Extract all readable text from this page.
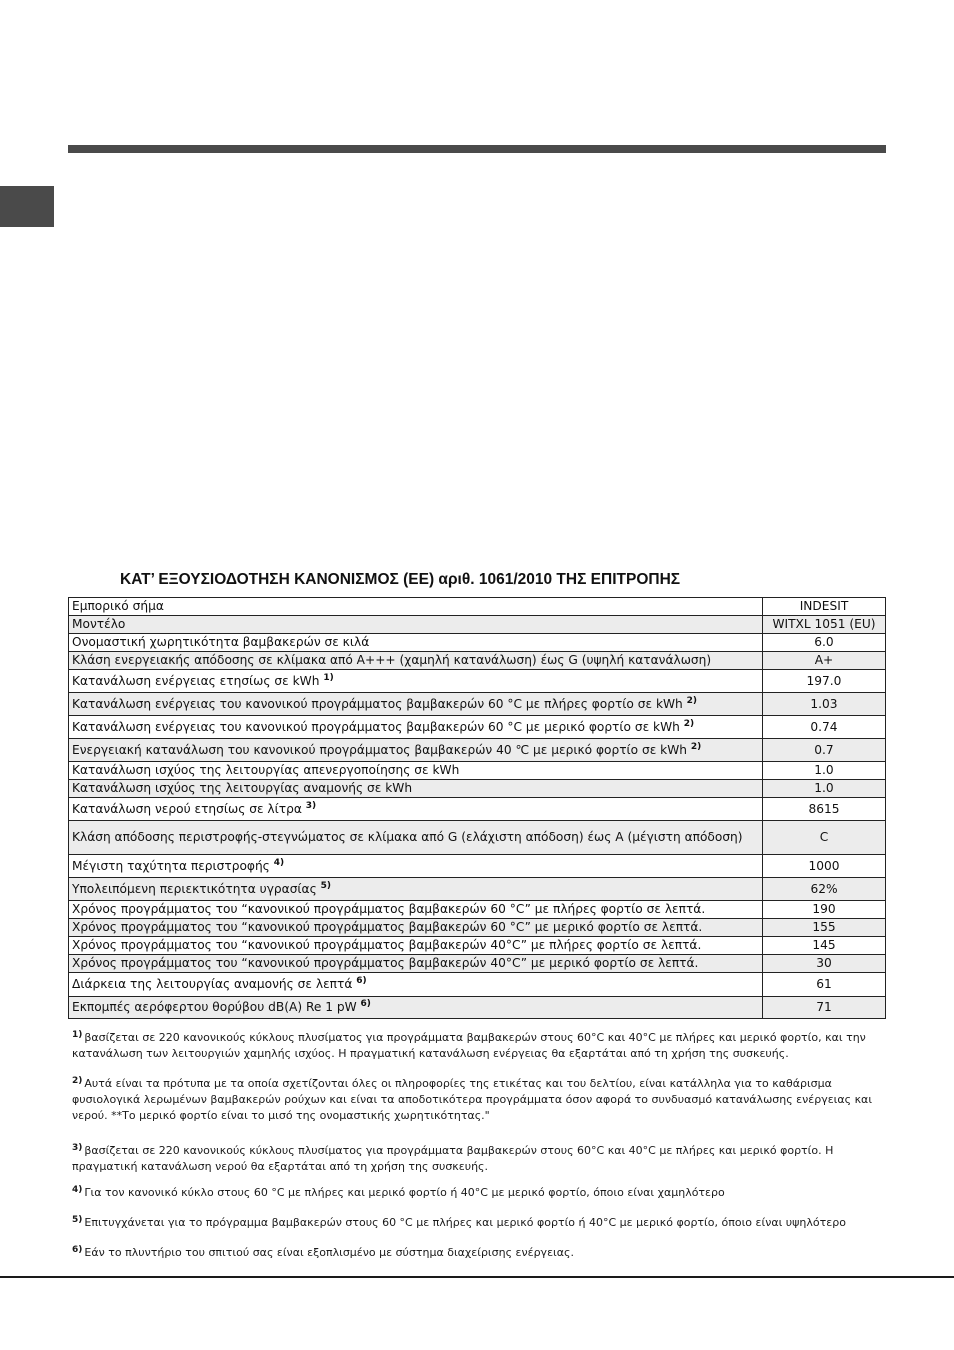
ΚΑΤ’ ΕΞΟΥΣΙΟΔΟΤΗΣΗ ΚΑΝΟΝΙΣΜΟΣ (ΕΕ) αριθ. 1061/2010 ΤΗΣ ΕΠΙΤΡΟΠΗΣ
Εμπορικό σήμα	INDESIT
Μοντέλο	WITXL 1051 (EU)
Ονομαστική χωρητικότητα βαμβακερών σε κιλά	6.0
Κλάση ενεργειακής απόδοσης σε κλίμακα από A+++ (χαμηλή κατανάλωση) έως G (υψηλή κατανάλωση)	A+
Κατανάλωση ενέργειας ετησίως σε kWh $^{1)}$	197.0
Κατανάλωση ενέργειας του κανονικού προγράμματος βαμβακερών 60 °C με πλήρες φορτίο σε kWh $^{2)}$	1.03
Κατανάλωση ενέργειας του κανονικού προγράμματος βαμβακερών 60 °C με μερικό φορτίο σε kWh $^{2)}$	0.74
Ενεργειακή κατανάλωση του κανονικού προγράμματος βαμβακερών 40 ℃ με μερικό φορτίο σε kWh $^{2)}$	0.7
Κατανάλωση ισχύος της λειτουργίας απενεργοποίησης σε kWh	1.0
Κατανάλωση ισχύος της λειτουργίας αναμονής σε kWh	1.0
Κατανάλωση νερού ετησίως σε λίτρα $^{3)}$	8615
Κλάση απόδοσης περιστροφής-στεγνώματος σε κλίμακα από G (ελάχιστη απόδοση) έως A (μέγιστη απόδοση)	C
Μέγιστη ταχύτητα περιστροφής $^{4)}$	1000
Υπολειπόμενη περιεκτικότητα υγρασίας $^{5)}$	62%
Χρόνος προγράμματος του “κανονικού προγράμματος βαμβακερών 60 °C” με πλήρες φορτίο σε λεπτά.	190
Χρόνος προγράμματος του “κανονικού προγράμματος βαμβακερών 60 °C” με μερικό φορτίο σε λεπτά.	155
Χρόνος προγράμματος του “κανονικού προγράμματος βαμβακερών 40°C” με πλήρες φορτίο σε λεπτά.	145
Χρόνος προγράμματος του “κανονικού προγράμματος βαμβακερών 40°C” με μερικό φορτίο σε λεπτά.	30
Διάρκεια της λειτουργίας αναμονής σε λεπτά $^{6)}$	61
Εκπομπές αερόφερτου θορύβου dB(A) Re 1 pW $^{6)}$	71
$^{1)}$ βασίζεται σε 220 κανονικούς κύκλους πλυσίματος για προγράμματα βαμβακερών στους 60°C και 40°C με πλήρες και μερικό φορτίο, και την κατανάλωση των λειτουργιών χαμηλής ισχύος. Η πραγματική κατανάλωση ενέργειας θα εξαρτάται από τη χρήση της συσκευής.
$^{2)}$ Αυτά είναι τα πρότυπα με τα οποία σχετίζονται όλες οι πληροφορίες της ετικέτας και του δελτίου, είναι κατάλληλα για το καθάρισμα φυσιολογικά λερωμένων βαμβακερών ρούχων και είναι τα αποδοτικότερα προγράμματα όσον αφορά το συνδυασμό κατανάλωσης ενέργειας και νερού. **Το μερικό φορτίο είναι το μισό της ονομαστικής χωρητικότητας."
$^{3)}$ βασίζεται σε 220 κανονικούς κύκλους πλυσίματος για προγράμματα βαμβακερών στους 60°C και 40°C με πλήρες και μερικό φορτίο. Η πραγματική κατανάλωση νερού θα εξαρτάται από τη χρήση της συσκευής.
$^{4)}$ Για τον κανονικό κύκλο στους 60 °C με πλήρες και μερικό φορτίο ή 40°C με μερικό φορτίο, όποιο είναι χαμηλότερο
$^{5)}$ Επιτυγχάνεται για το πρόγραμμα βαμβακερών στους 60 °C με πλήρες και μερικό φορτίο ή 40°C με μερικό φορτίο, όποιο είναι υψηλότερο
$^{6)}$ Εάν το πλυντήριο του σπιτιού σας είναι εξοπλισμένο με σύστημα διαχείρισης ενέργειας.
